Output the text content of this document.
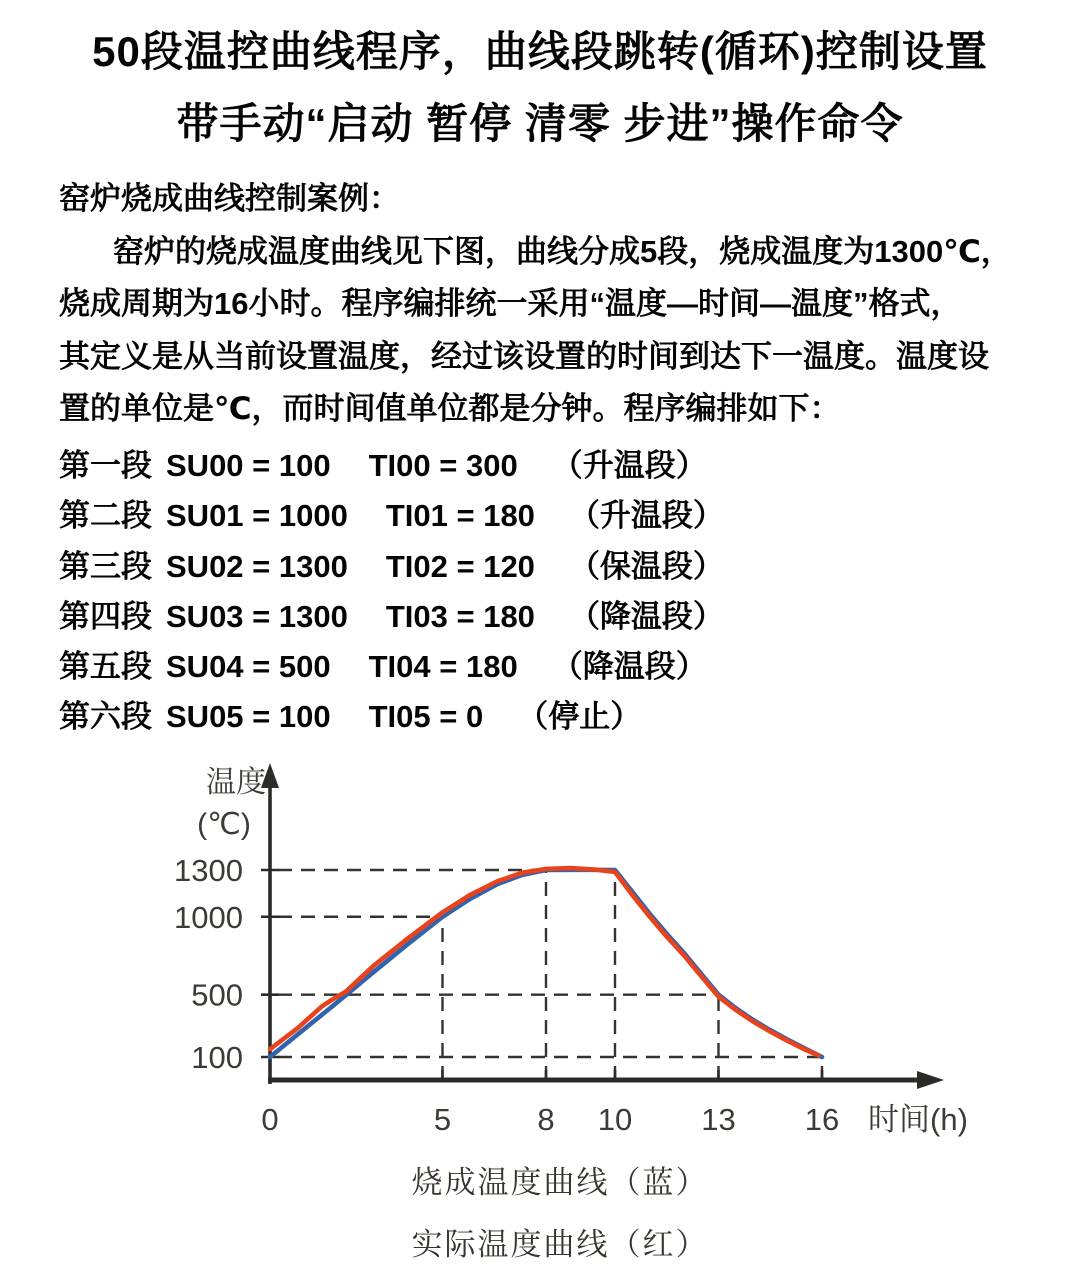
50段温控曲线程序，曲线段跳转(循环)控制设置
带手动“启动 暂停 清零 步进”操作命令
窑炉烧成曲线控制案例：
窑炉的烧成温度曲线见下图，曲线分成5段，烧成温度为1300℃，
烧成周期为16小时。程序编排统一采用“温度—时间—温度”格式，
其定义是从当前设置温度，经过该设置的时间到达下一温度。温度设
置的单位是℃，而时间值单位都是分钟。程序编排如下：
第一段 SU00 = 100 TI00 = 300 （升温段）
第二段 SU01 = 1000 TI01 = 180 （升温段）
第三段 SU02 = 1300 TI02 = 120 （保温段）
第四段 SU03 = 1300 TI03 = 180 （降温段）
第五段 SU04 = 500 TI04 = 180 （降温段）
第六段 SU05 = 100 TI05 = 0 （停止）
100
500
1000
1300
0	5	8 10 13 16
温度
(℃)
时间(h)
烧成温度曲线（蓝）
实际温度曲线（红）
